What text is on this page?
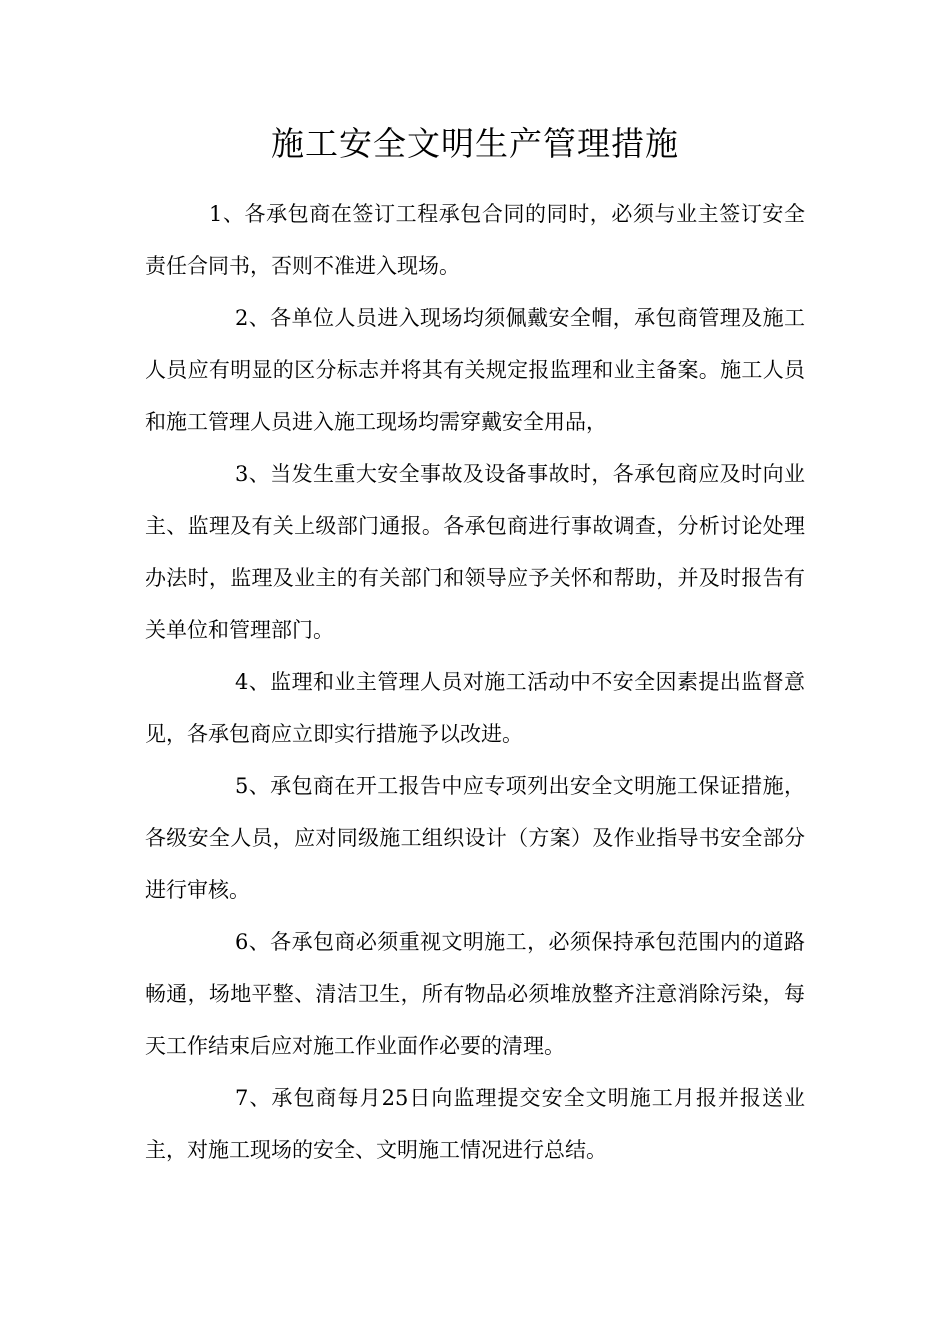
施工安全文明生产管理措施

1、各承包商在签订工程承包合同的同时，必须与业主签订安全责任合同书，否则不准进入现场。

2、各单位人员进入现场均须佩戴安全帽，承包商管理及施工人员应有明显的区分标志并将其有关规定报监理和业主备案。施工人员和施工管理人员进入施工现场均需穿戴安全用品，

3、当发生重大安全事故及设备事故时，各承包商应及时向业主、监理及有关上级部门通报。各承包商进行事故调查，分析讨论处理办法时，监理及业主的有关部门和领导应予关怀和帮助，并及时报告有关单位和管理部门。

4、监理和业主管理人员对施工活动中不安全因素提出监督意见，各承包商应立即实行措施予以改进。

5、承包商在开工报告中应专项列出安全文明施工保证措施，各级安全人员，应对同级施工组织设计（方案）及作业指导书安全部分进行审核。

6、各承包商必须重视文明施工，必须保持承包范围内的道路畅通，场地平整、清洁卫生，所有物品必须堆放整齐注意消除污染，每天工作结束后应对施工作业面作必要的清理。

7、承包商每月25日向监理提交安全文明施工月报并报送业主，对施工现场的安全、文明施工情况进行总结。
